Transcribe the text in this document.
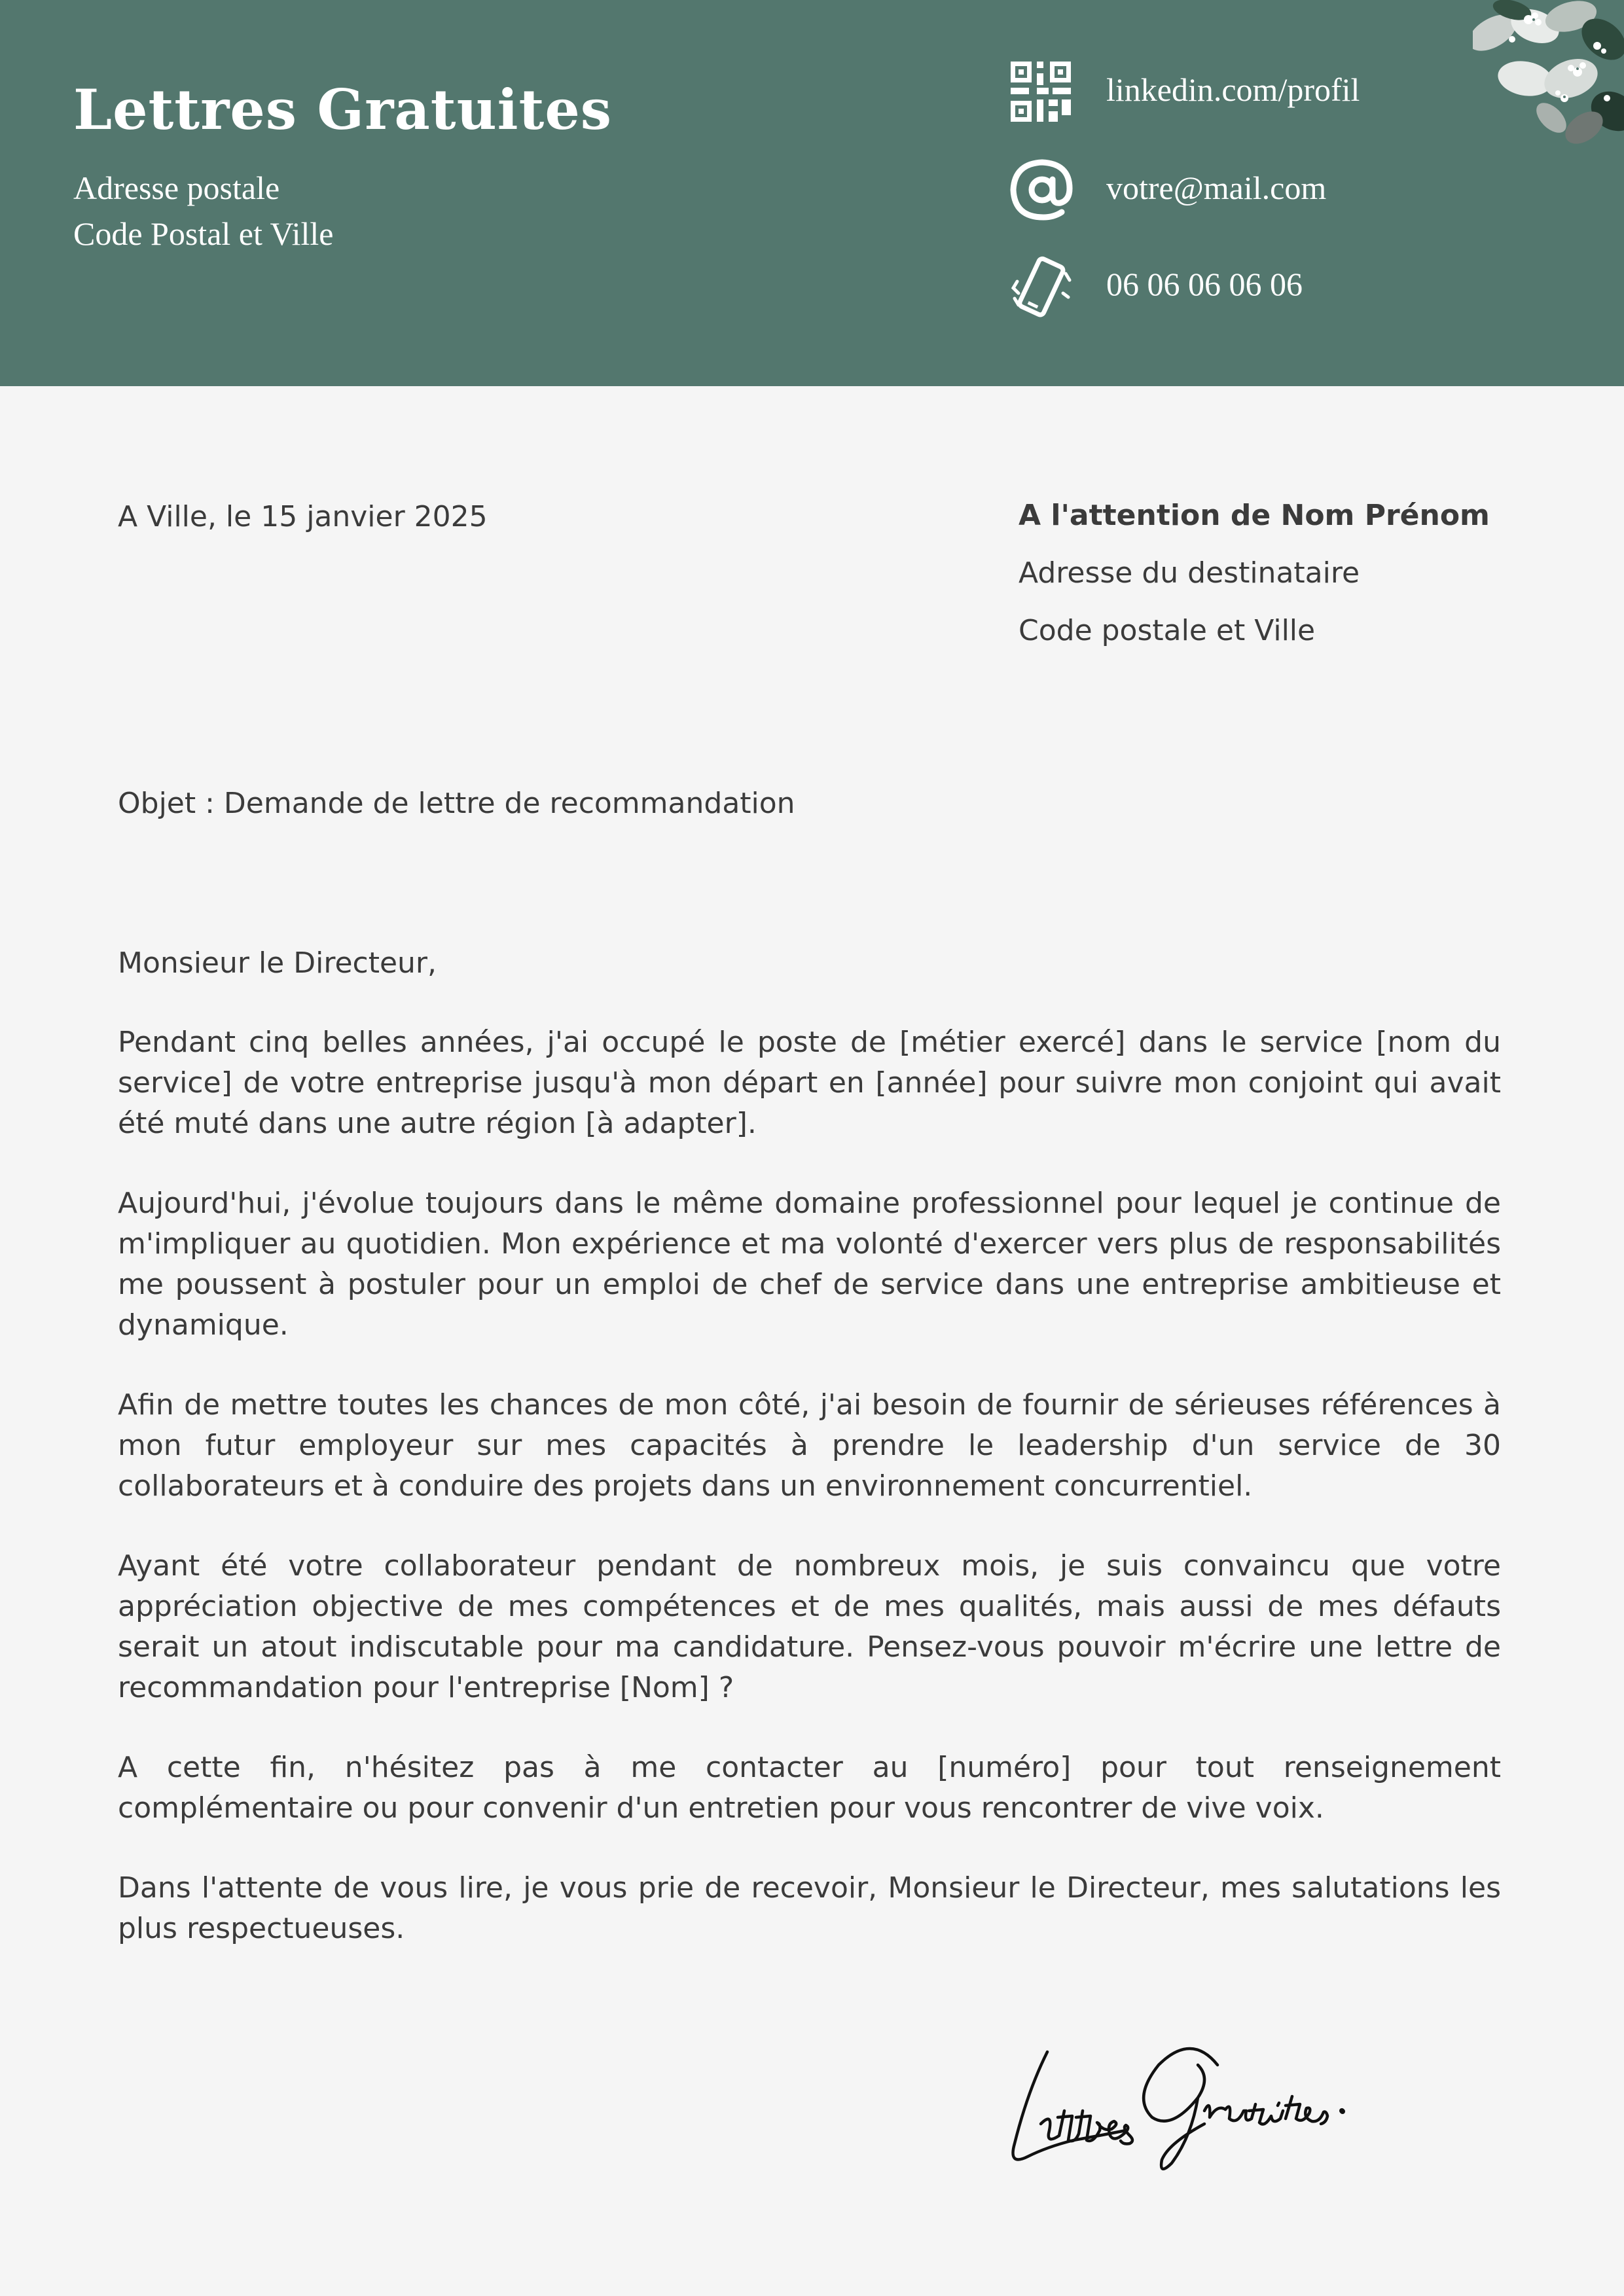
Lettres Gratuites
Adresse postale
Code Postal et Ville
linkedin.com/profil
votre@mail.com
06 06 06 06 06
A Ville, le 15 janvier 2025	A l'attention de Nom Prénom
Adresse du destinataire
Code postale et Ville
Objet : Demande de lettre de recommandation
Monsieur le Directeur,
Pendant cinq belles années, j'ai occupé le poste de [métier exercé] dans le service [nom du service] de votre entreprise jusqu'à mon départ en [année] pour suivre mon conjoint qui avait été muté dans une autre région [à adapter].
Aujourd'hui, j'évolue toujours dans le même domaine professionnel pour lequel je continue de m'impliquer au quotidien. Mon expérience et ma volonté d'exercer vers plus de responsabilités me poussent à postuler pour un emploi de chef de service dans une entreprise ambitieuse et dynamique.
Afin de mettre toutes les chances de mon côté, j'ai besoin de fournir de sérieuses références à mon futur employeur sur mes capacités à prendre le leadership d'un service de 30 collaborateurs et à conduire des projets dans un environnement concurrentiel.
Ayant été votre collaborateur pendant de nombreux mois, je suis convaincu que votre appréciation objective de mes compétences et de mes qualités, mais aussi de mes défauts serait un atout indiscutable pour ma candidature. Pensez-vous pouvoir m'écrire une lettre de recommandation pour l'entreprise [Nom] ?
A cette fin, n'hésitez pas à me contacter au [numéro] pour tout renseignement complémentaire ou pour convenir d'un entretien pour vous rencontrer de vive voix.
Dans l'attente de vous lire, je vous prie de recevoir, Monsieur le Directeur, mes salutations les plus respectueuses.
